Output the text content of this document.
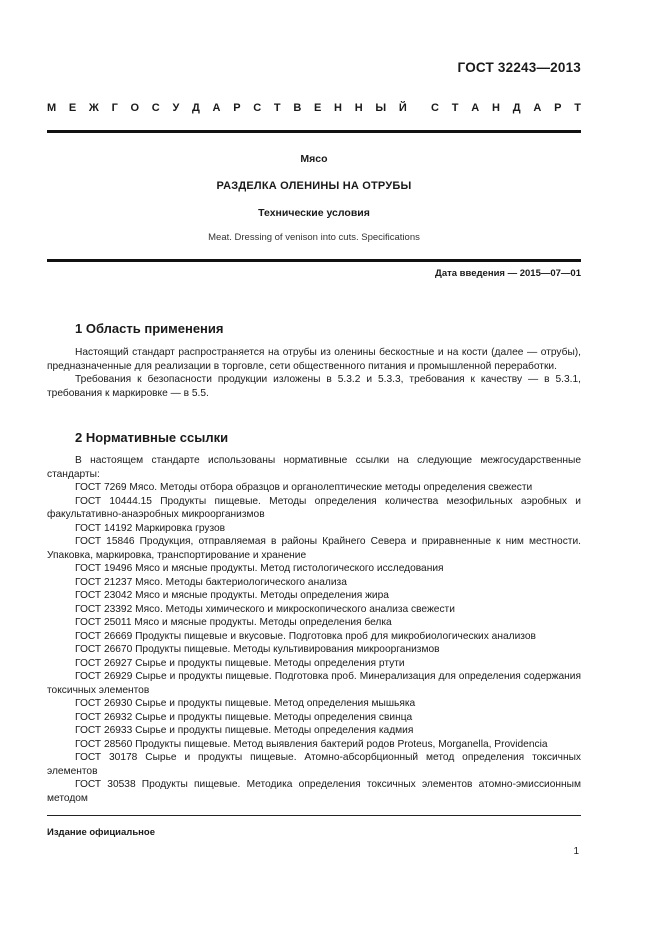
ГОСТ 32243—2013
М Е Ж Г О С У Д А Р С Т В Е Н Н Ы Й С Т А Н Д А Р Т
Мясо
РАЗДЕЛКА ОЛЕНИНЫ НА ОТРУБЫ
Технические условия
Meat. Dressing of venison into cuts. Specifications
Дата введения — 2015—07—01
1 Область применения

Настоящий стандарт распространяется на отрубы из оленины бескостные и на кости (далее — отрубы), предназначенные для реализации в торговле, сети общественного питания и промышленной переработки.

Требования к безопасности продукции изложены в 5.3.2 и 5.3.3, требования к качеству — в 5.3.1, требования к маркировке — в 5.5.

2 Нормативные ссылки
В настоящем стандарте использованы нормативные ссылки на следующие межгосударственные стандарты:
ГОСТ 7269 Мясо. Методы отбора образцов и органолептические методы определения свежести
ГОСТ 10444.15 Продукты пищевые. Методы определения количества мезофильных аэробных и факультативно-анаэробных микроорганизмов
ГОСТ 14192 Маркировка грузов
ГОСТ 15846 Продукция, отправляемая в районы Крайнего Севера и приравненные к ним местности. Упаковка, маркировка, транспортирование и хранение
ГОСТ 19496 Мясо и мясные продукты. Метод гистологического исследования
ГОСТ 21237 Мясо. Методы бактериологического анализа
ГОСТ 23042 Мясо и мясные продукты. Методы определения жира
ГОСТ 23392 Мясо. Методы химического и микроскопического анализа свежести
ГОСТ 25011 Мясо и мясные продукты. Методы определения белка
ГОСТ 26669 Продукты пищевые и вкусовые. Подготовка проб для микробиологических анализов
ГОСТ 26670 Продукты пищевые. Методы культивирования микроорганизмов
ГОСТ 26927 Сырье и продукты пищевые. Методы определения ртути
ГОСТ 26929 Сырье и продукты пищевые. Подготовка проб. Минерализация для определения содержания токсичных элементов
ГОСТ 26930 Сырье и продукты пищевые. Метод определения мышьяка
ГОСТ 26932 Сырье и продукты пищевые. Методы определения свинца
ГОСТ 26933 Сырье и продукты пищевые. Методы определения кадмия
ГОСТ 28560 Продукты пищевые. Метод выявления бактерий родов Proteus, Morganella, Providencia
ГОСТ 30178 Сырье и продукты пищевые. Атомно-абсорбционный метод определения токсичных элементов
ГОСТ 30538 Продукты пищевые. Методика определения токсичных элементов атомно-эмиссионным методом
Издание официальное
1
